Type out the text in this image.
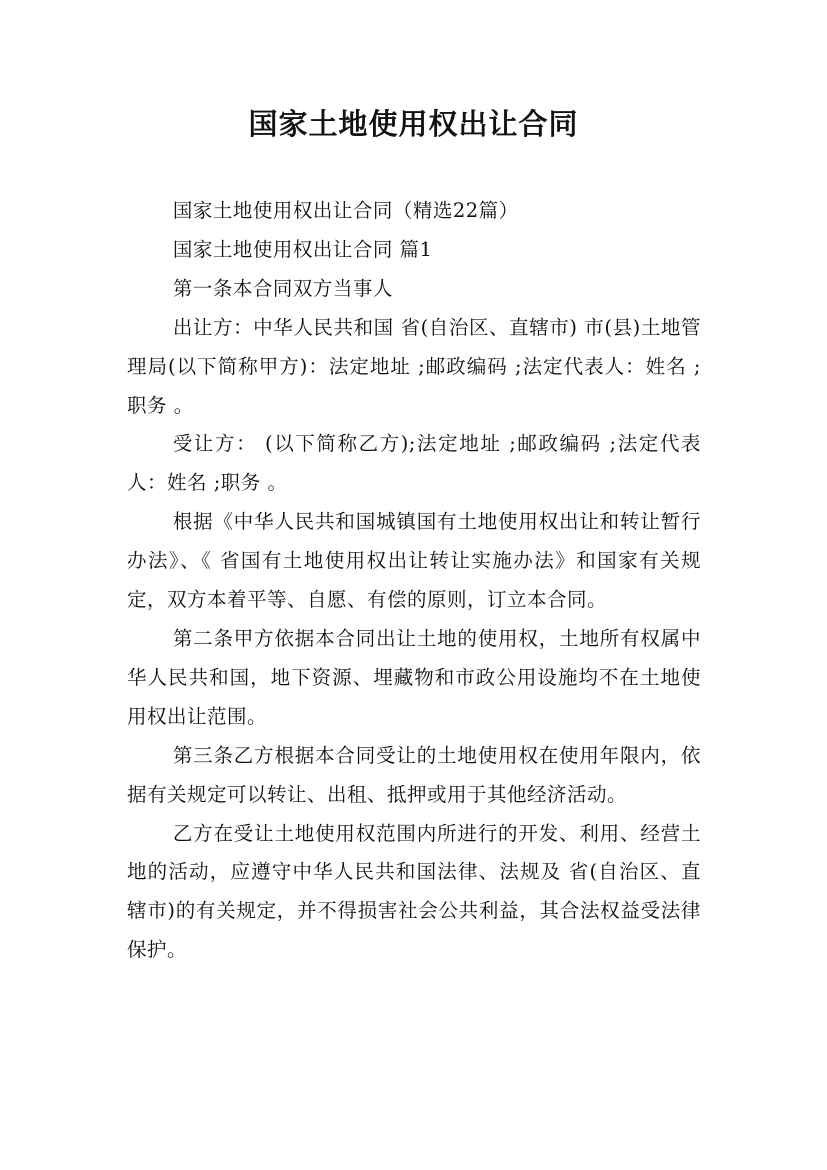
国家土地使用权出让合同

国家土地使用权出让合同（精选22篇）

国家土地使用权出让合同 篇1

第一条本合同双方当事人

出让方：中华人民共和国 省(自治区、直辖市) 市(县)土地管理局(以下简称甲方)：法定地址 ;邮政编码 ;法定代表人：姓名 ;职务 。

受让方： (以下简称乙方);法定地址 ;邮政编码 ;法定代表人：姓名 ;职务 。

根据《中华人民共和国城镇国有土地使用权出让和转让暂行办法》、《 省国有土地使用权出让转让实施办法》和国家有关规定，双方本着平等、自愿、有偿的原则，订立本合同。

第二条甲方依据本合同出让土地的使用权，土地所有权属中华人民共和国，地下资源、埋藏物和市政公用设施均不在土地使用权出让范围。

第三条乙方根据本合同受让的土地使用权在使用年限内，依据有关规定可以转让、出租、抵押或用于其他经济活动。

乙方在受让土地使用权范围内所进行的开发、利用、经营土地的活动，应遵守中华人民共和国法律、法规及 省(自治区、直辖市)的有关规定，并不得损害社会公共利益，其合法权益受法律保护。
